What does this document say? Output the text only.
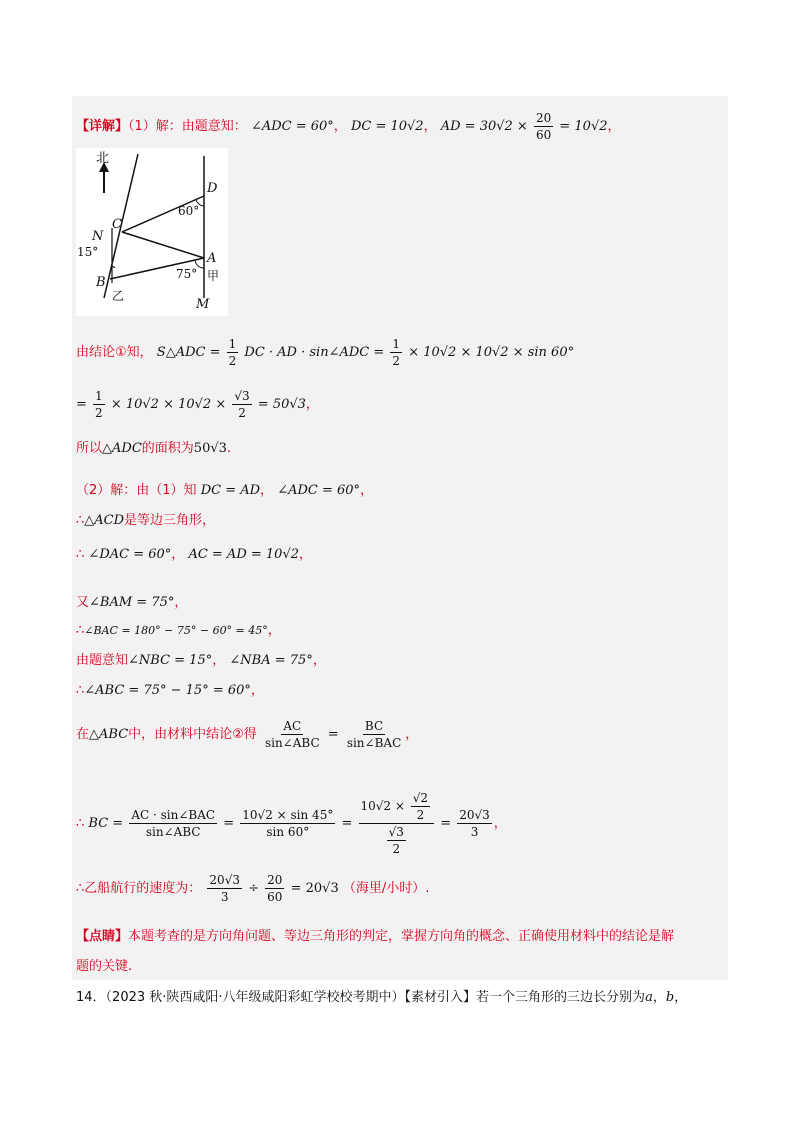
【详解】（1）解：由题意知： ∠ADC = 60°， DC = 10√2， AD = $30√2 \times \frac{20}{60} = 10√2$，
北
D
60°
C
N
15°	A
75° 甲
B
乙
M
由结论①知， S△ADC = $\frac{1}{2}$ DC · AD · sin∠ADC = $\frac{1}{2} \times 10√2 \times 10√2 \times \sin 60^\circ$
= $\frac{1}{2} \times 10√2 \times 10√2 \times \frac{√3}{2} = 50√3$，
所以△ADC的面积为50√3.
（2）解：由（1）知 DC = AD， ∠ADC = 60°，
∴△ACD是等边三角形，
∴ ∠DAC = 60°， AC = AD = 10√2，
又∠BAM = 75°，
∴∠BAC = 180° − 75° − 60° = 45°，
由题意知∠NBC = 15°， ∠NBA = 75°，
∴∠ABC = 75° − 15° = 60°，
在△ABC中，由材料中结论②得 $\frac{AC}{\text{sin∠ABC}} = \frac{BC}{\text{sin∠BAC}}$ ，
∴ BC = $\frac{\text{AC · sin∠BAC}}{\text{sin∠ABC}} = \frac{10√2 \times \sin 45^\circ}{\sin 60^\circ} = \frac{10√2 \times \frac{√2}{2}}{\frac{√3}{2}} = \frac{20√3}{3}$ ，
∴乙船航行的速度为： $\frac{20√3}{3} \div \frac{20}{60} = 20√3$ （海里/小时）.
【点睛】本题考查的是方向角问题、等边三角形的判定，掌握方向角的概念、正确使用材料中的结论是解
题的关键.
14．（2023 秋·陕西咸阳·八年级咸阳彩虹学校校考期中）【素材引入】若一个三角形的三边长分别为a，b，
